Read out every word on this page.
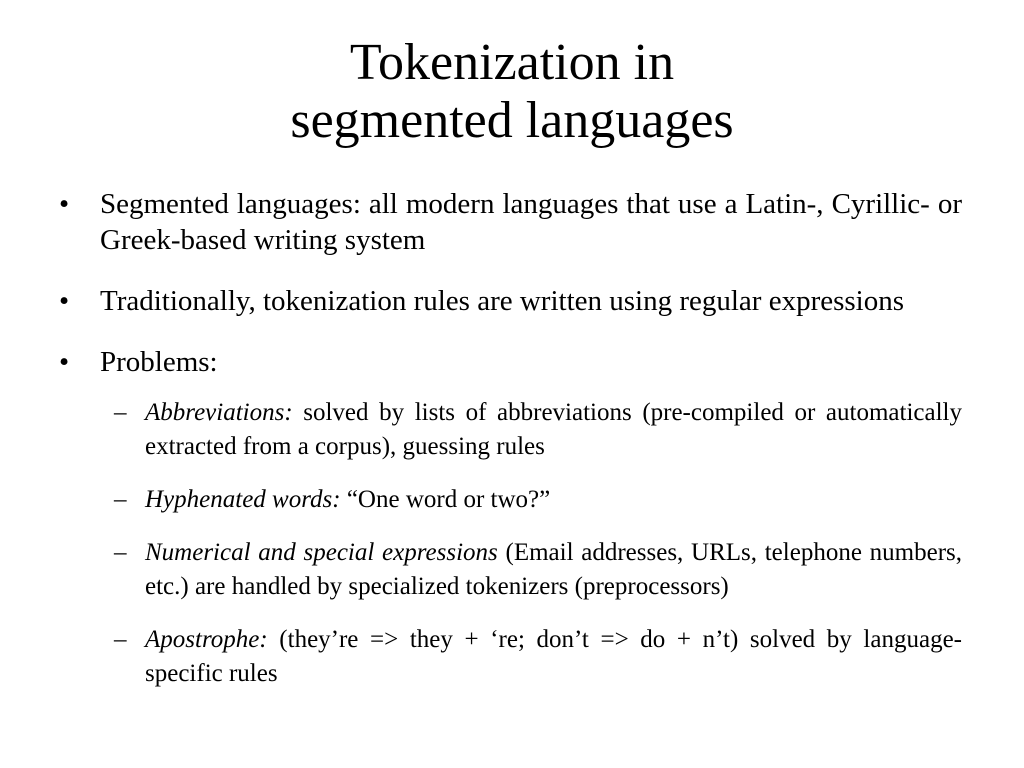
Tokenization in
segmented languages
• Segmented languages: all modern languages that use a Latin-, Cyrillic- or Greek-based writing system
• Traditionally, tokenization rules are written using regular expressions
• Problems:
– Abbreviations: solved by lists of abbreviations (pre-compiled or automatically extracted from a corpus), guessing rules
– Hyphenated words: “One word or two?”
– Numerical and special expressions (Email addresses, URLs, telephone numbers, etc.) are handled by specialized tokenizers (preprocessors)
– Apostrophe: (they’re => they + ‘re; don’t => do + n’t) solved by language-specific rules
